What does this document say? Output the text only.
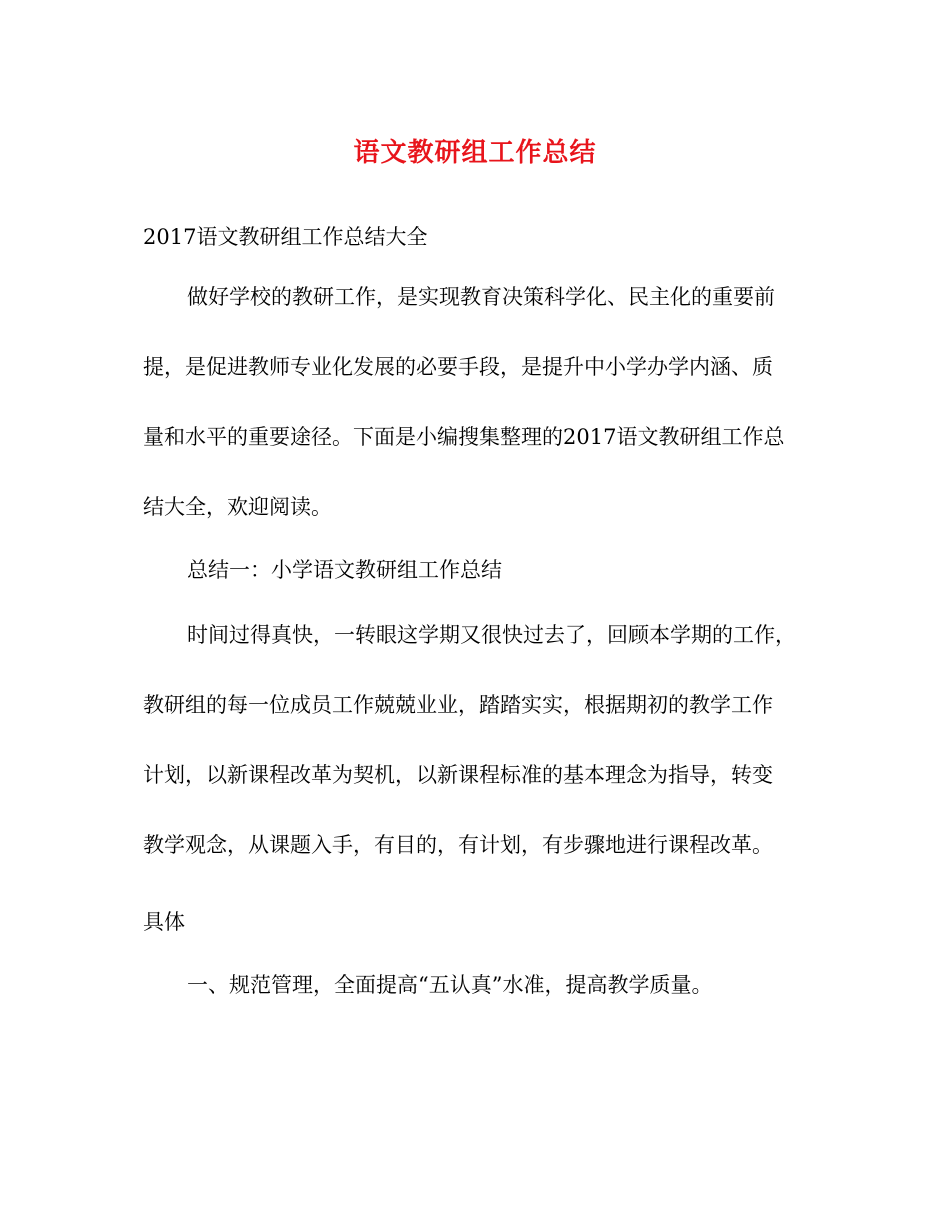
语文教研组工作总结
2017语文教研组工作总结大全
做好学校的教研工作，是实现教育决策科学化、民主化的重要前
提，是促进教师专业化发展的必要手段，是提升中小学办学内涵、质
量和水平的重要途径。下面是小编搜集整理的2017语文教研组工作总
结大全，欢迎阅读。
总结一：小学语文教研组工作总结
时间过得真快，一转眼这学期又很快过去了，回顾本学期的工作，
教研组的每一位成员工作兢兢业业，踏踏实实，根据期初的教学工作
计划，以新课程改革为契机，以新课程标准的基本理念为指导，转变
教学观念，从课题入手，有目的，有计划，有步骤地进行课程改革。
具体
一、规范管理，全面提高“五认真”水准，提高教学质量。
